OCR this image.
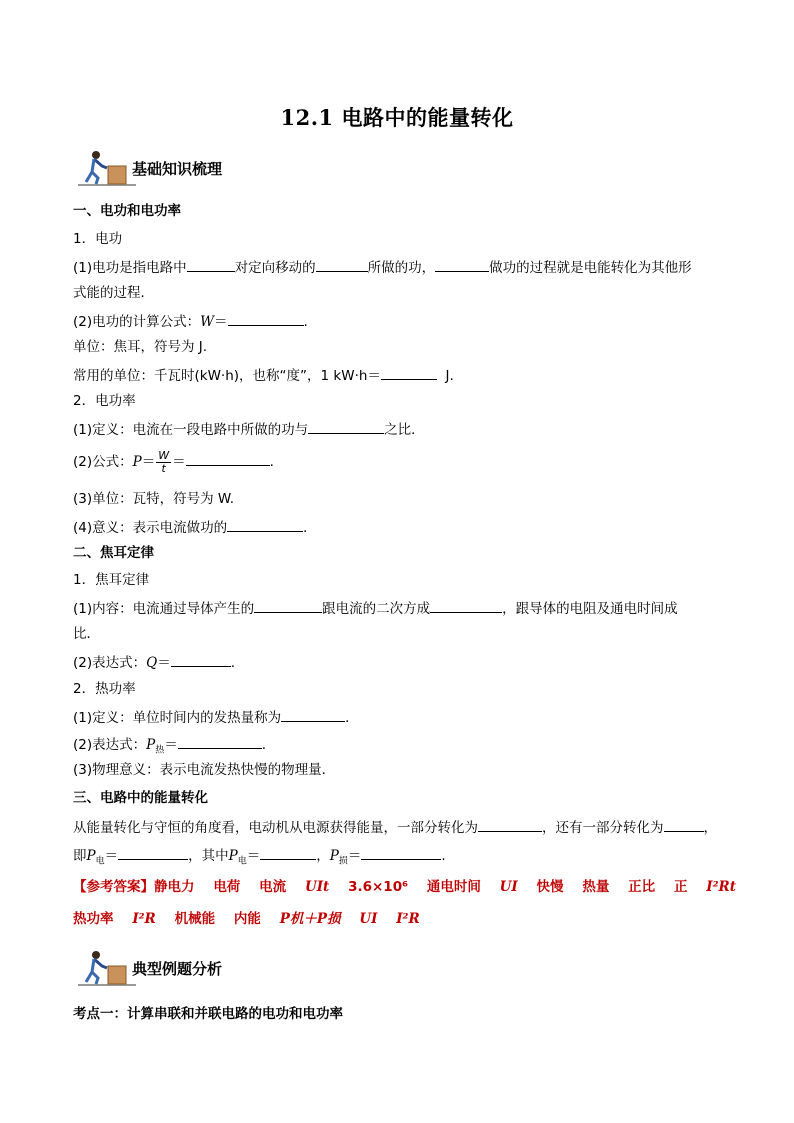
12.1 电路中的能量转化
基础知识梳理
一、电功和电功率
1．电功
(1)电功是指电路中	对定向移动的	所做的功，	做功的过程就是电能转化为其他形
式能的过程．
(2)电功的计算公式：W＝	.
单位：焦耳，符号为 J.
常用的单位：千瓦时(kW·h)，也称“度”，1 kW·h＝	J.
2．电功率
(1)定义：电流在一段电路中所做的功与	之比．
(2)公式：$P= \frac{W}{t}$ ＝	.
(3)单位：瓦特，符号为 W.
(4)意义：表示电流做功的	．
二、焦耳定律
1．焦耳定律
(1)内容：电流通过导体产生的	跟电流的二次方成	，跟导体的电阻及通电时间成
比．
(2)表达式：Q＝	.
2．热功率
(1)定义：单位时间内的发热量称为	．
(2)表达式：$P_热=$	.
(3)物理意义：表示电流发热快慢的物理量．
三、电路中的能量转化
从能量转化与守恒的角度看，电动机从电源获得能量，一部分转化为	，还有一部分转化为	，
即$P_电=$	，其中$P_电=$	，$P_损=$	.
【参考答案】静电力 电荷 电流 UIt 3.6×10⁶ 通电时间 UI 快慢 热量 正比 正 I²Rt
热功率 I²R 机械能 内能 P机＋P损 UI I²R
典型例题分析
考点一：计算串联和并联电路的电功和电功率
